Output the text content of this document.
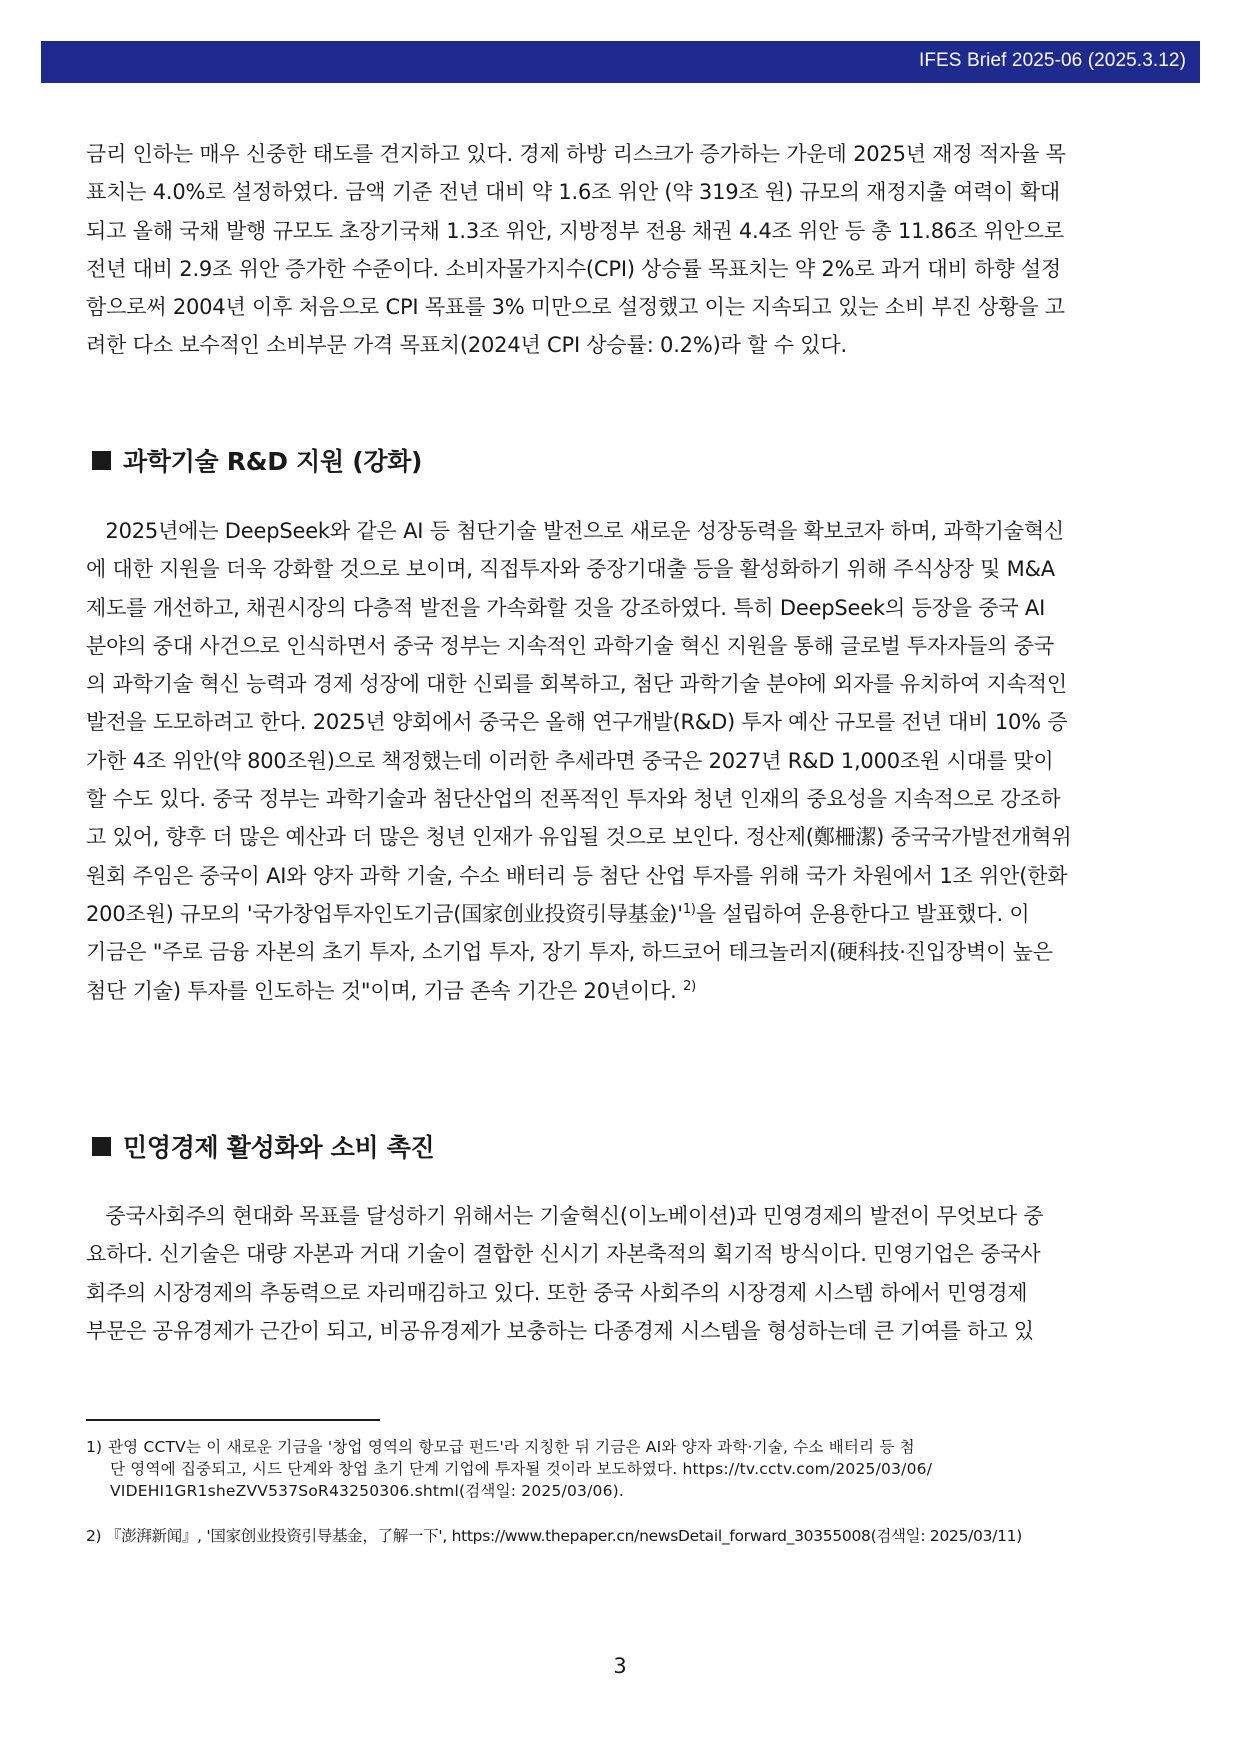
IFES Brief 2025-06 (2025.3.12)
금리 인하는 매우 신중한 태도를 견지하고 있다. 경제 하방 리스크가 증가하는 가운데 2025년 재정 적자율 목
표치는 4.0%로 설정하였다. 금액 기준 전년 대비 약 1.6조 위안 (약 319조 원) 규모의 재정지출 여력이 확대
되고 올해 국채 발행 규모도 초장기국채 1.3조 위안, 지방정부 전용 채권 4.4조 위안 등 총 11.86조 위안으로
전년 대비 2.9조 위안 증가한 수준이다. 소비자물가지수(CPI) 상승률 목표치는 약 2%로 과거 대비 하향 설정
함으로써 2004년 이후 처음으로 CPI 목표를 3% 미만으로 설정했고 이는 지속되고 있는 소비 부진 상황을 고
려한 다소 보수적인 소비부문 가격 목표치(2024년 CPI 상승률: 0.2%)라 할 수 있다.
과학기술 R&D 지원 (강화)
2025년에는 DeepSeek와 같은 AI 등 첨단기술 발전으로 새로운 성장동력을 확보코자 하며, 과학기술혁신
에 대한 지원을 더욱 강화할 것으로 보이며, 직접투자와 중장기대출 등을 활성화하기 위해 주식상장 및 M&A
제도를 개선하고, 채권시장의 다층적 발전을 가속화할 것을 강조하였다. 특히 DeepSeek의 등장을 중국 AI
분야의 중대 사건으로 인식하면서 중국 정부는 지속적인 과학기술 혁신 지원을 통해 글로벌 투자자들의 중국
의 과학기술 혁신 능력과 경제 성장에 대한 신뢰를 회복하고, 첨단 과학기술 분야에 외자를 유치하여 지속적인
발전을 도모하려고 한다. 2025년 양회에서 중국은 올해 연구개발(R&D) 투자 예산 규모를 전년 대비 10% 증
가한 4조 위안(약 800조원)으로 책정했는데 이러한 추세라면 중국은 2027년 R&D 1,000조원 시대를 맞이
할 수도 있다. 중국 정부는 과학기술과 첨단산업의 전폭적인 투자와 청년 인재의 중요성을 지속적으로 강조하
고 있어, 향후 더 많은 예산과 더 많은 청년 인재가 유입될 것으로 보인다. 정산제(鄭柵潔) 중국국가발전개혁위
원회 주임은 중국이 AI와 양자 과학 기술, 수소 배터리 등 첨단 산업 투자를 위해 국가 차원에서 1조 위안(한화
200조원) 규모의 '국가창업투자인도기금(国家创业投资引导基金)'$^{1)}$을 설립하여 운용한다고 발표했다. 이
기금은 "주로 금융 자본의 초기 투자, 소기업 투자, 장기 투자, 하드코어 테크놀러지(硬科技·진입장벽이 높은
첨단 기술) 투자를 인도하는 것"이며, 기금 존속 기간은 20년이다. $^{2)}$
민영경제 활성화와 소비 촉진
중국사회주의 현대화 목표를 달성하기 위해서는 기술혁신(이노베이션)과 민영경제의 발전이 무엇보다 중
요하다. 신기술은 대량 자본과 거대 기술이 결합한 신시기 자본축적의 획기적 방식이다. 민영기업은 중국사
회주의 시장경제의 추동력으로 자리매김하고 있다. 또한 중국 사회주의 시장경제 시스템 하에서 민영경제
부문은 공유경제가 근간이 되고, 비공유경제가 보충하는 다종경제 시스템을 형성하는데 큰 기여를 하고 있
1) 관영 CCTV는 이 새로운 기금을 '창업 영역의 항모급 펀드'라 지칭한 뒤 기금은 AI와 양자 과학·기술, 수소 배터리 등 첨
단 영역에 집중되고, 시드 단계와 창업 초기 단계 기업에 투자될 것이라 보도하였다. https://tv.cctv.com/2025/03/06/
VIDEHI1GR1sheZVV537SoR43250306.shtml(검색일: 2025/03/06).
2) 『澎湃新闻』, '国家创业投资引导基金，了解一下', https://www.thepaper.cn/newsDetail_forward_30355008(검색일: 2025/03/11)
3
